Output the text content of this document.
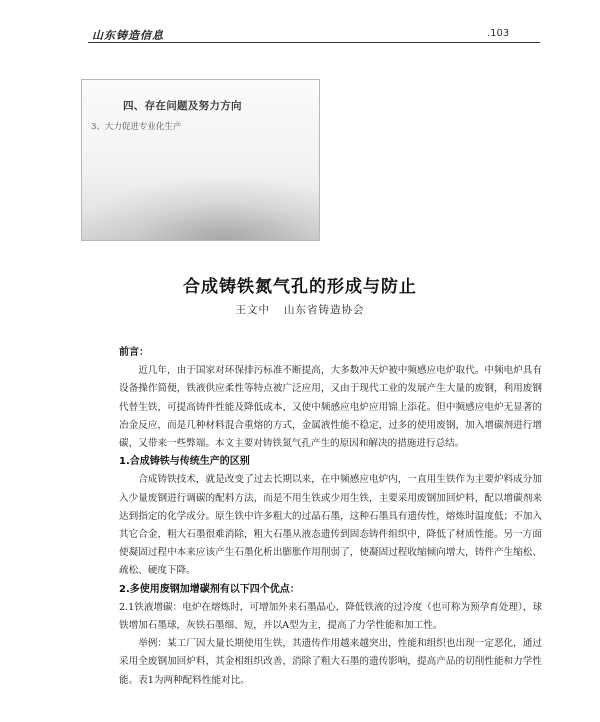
山东铸造信息	.103
四、存在问题及努力方向
3、大力促进专业化生产
合成铸铁氮气孔的形成与防止
王文中 山东省铸造协会
前言：
近几年，由于国家对环保排污标准不断提高，大多数冲天炉被中频感应电炉取代。中频电炉具有设备操作简便，铁液供应柔性等特点被广泛应用，又由于现代工业的发展产生大量的废钢，利用废钢代替生铁，可提高铸件性能及降低成本，又使中频感应电炉应用锦上添花。但中频感应电炉无显著的冶金反应，而是几种材料混合重熔的方式，金属液性能不稳定，过多的使用废钢，加入增碳剂进行增碳，又带来一些弊端。本文主要对铸铁氮气孔产生的原因和解决的措施进行总结。
1.合成铸铁与传统生产的区别
合成铸铁技术，就是改变了过去长期以来，在中频感应电炉内，一直用生铁作为主要炉料成分加入少量废钢进行调碳的配料方法，而是不用生铁或少用生铁，主要采用废钢加回炉料，配以增碳剂来达到指定的化学成分。原生铁中许多粗大的过晶石墨，这种石墨具有遗传性，熔炼时温度低；不加入其它合金，粗大石墨很难消除，粗大石墨从液态遗传到固态铸件组织中，降低了材质性能。另一方面使凝固过程中本来应该产生石墨化析出膨胀作用削弱了，使凝固过程收缩倾向增大，铸件产生缩松、疏松、硬度下降。
2.多使用废钢加增碳剂有以下四个优点：
2.1铁液增碳：电炉在熔炼时，可增加外来石墨晶心，降低铁液的过冷度（也可称为预孕育处理），球铁增加石墨球，灰铁石墨细、短，并以A型为主，提高了力学性能和加工性。
举例：某工厂因大量长期使用生铁，其遗传作用越来越突出，性能和组织也出现一定恶化，通过采用全废钢加回炉料，其金相组织改善，消除了粗大石墨的遗传影响，提高产品的切削性能和力学性能。表1为两种配料性能对比。
